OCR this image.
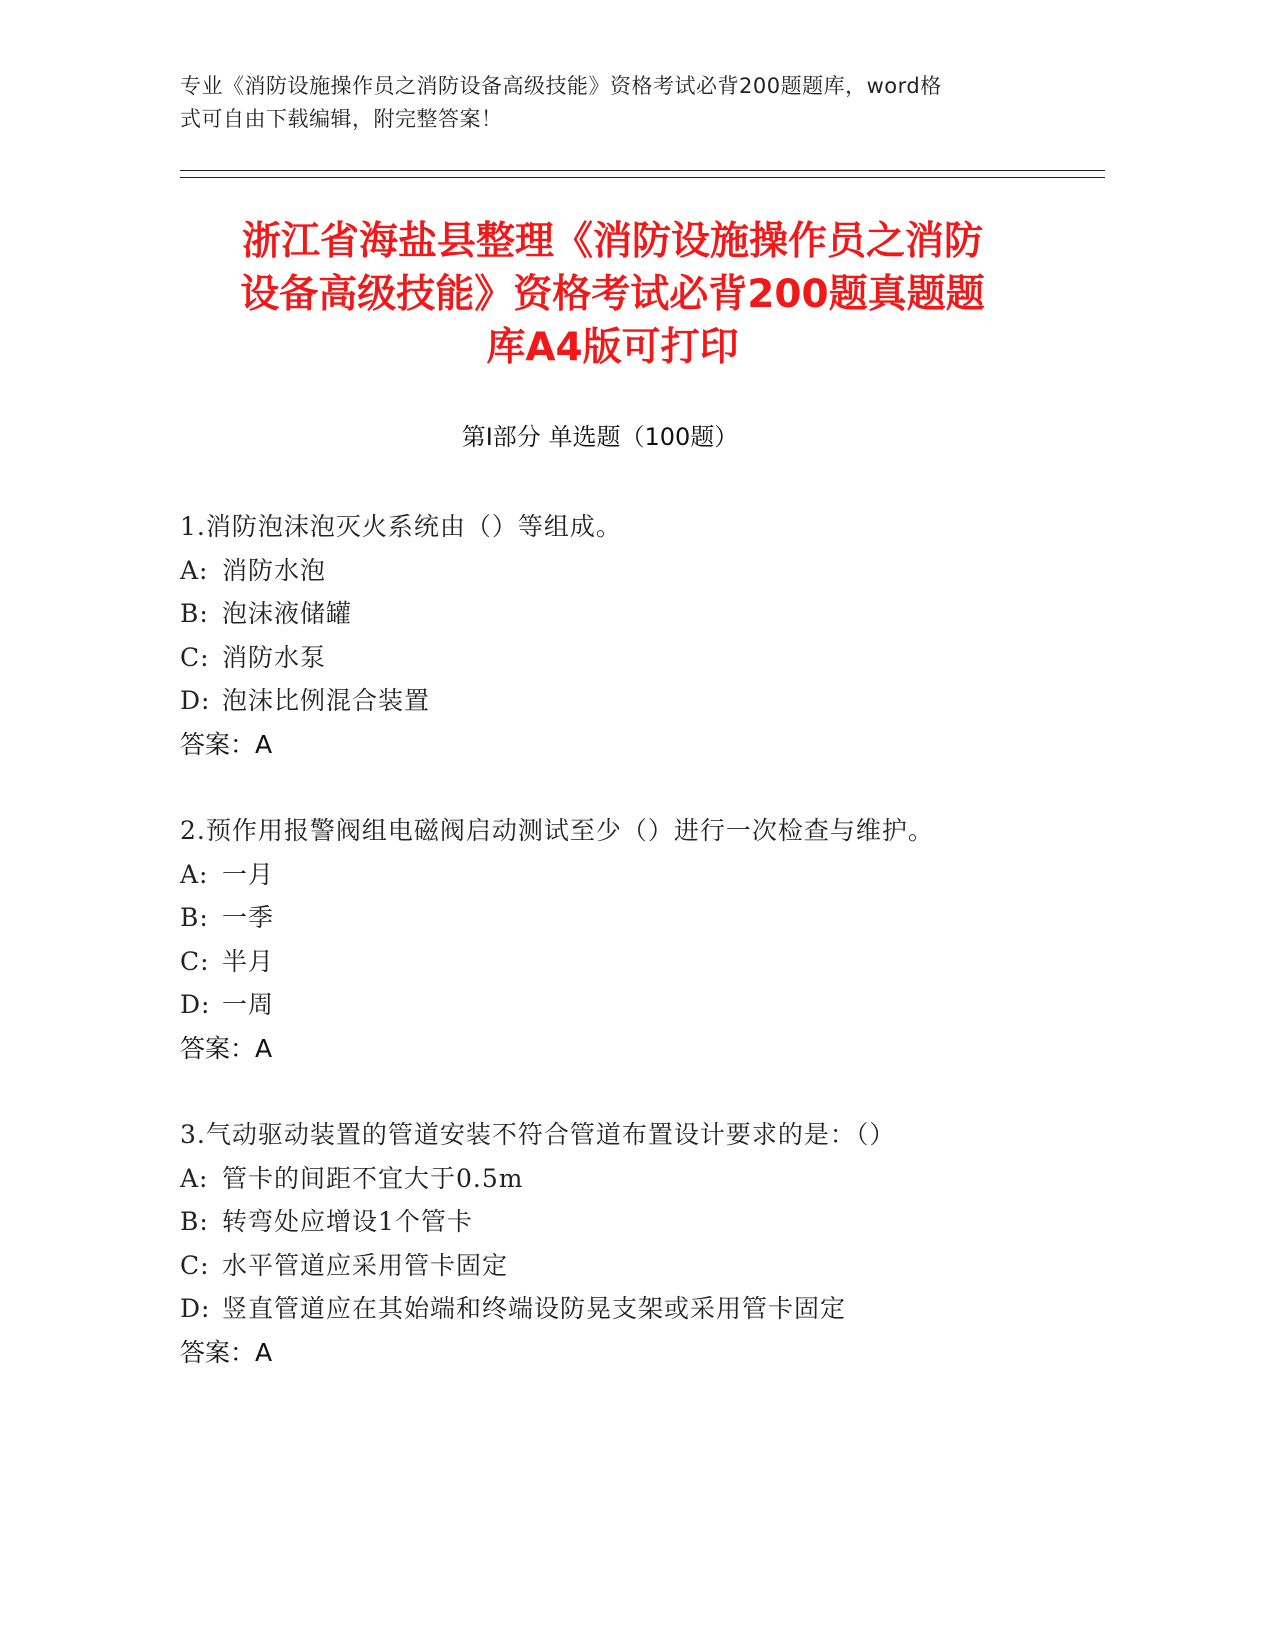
专业《消防设施操作员之消防设备高级技能》资格考试必背200题题库，word格
式可自由下载编辑，附完整答案！
浙江省海盐县整理《消防设施操作员之消防
设备高级技能》资格考试必背200题真题题
库A4版可打印
第Ⅰ部分 单选题（100题）
1.消防泡沫泡灭火系统由（）等组成。
A: 消防水泡
B: 泡沫液储罐
C: 消防水泵
D: 泡沫比例混合装置
答案：A
2.预作用报警阀组电磁阀启动测试至少（）进行一次检查与维护。
A: 一月
B: 一季
C: 半月
D: 一周
答案：A
3.气动驱动装置的管道安装不符合管道布置设计要求的是：（）
A: 管卡的间距不宜大于0.5m
B: 转弯处应增设1个管卡
C: 水平管道应采用管卡固定
D: 竖直管道应在其始端和终端设防晃支架或采用管卡固定
答案：A
